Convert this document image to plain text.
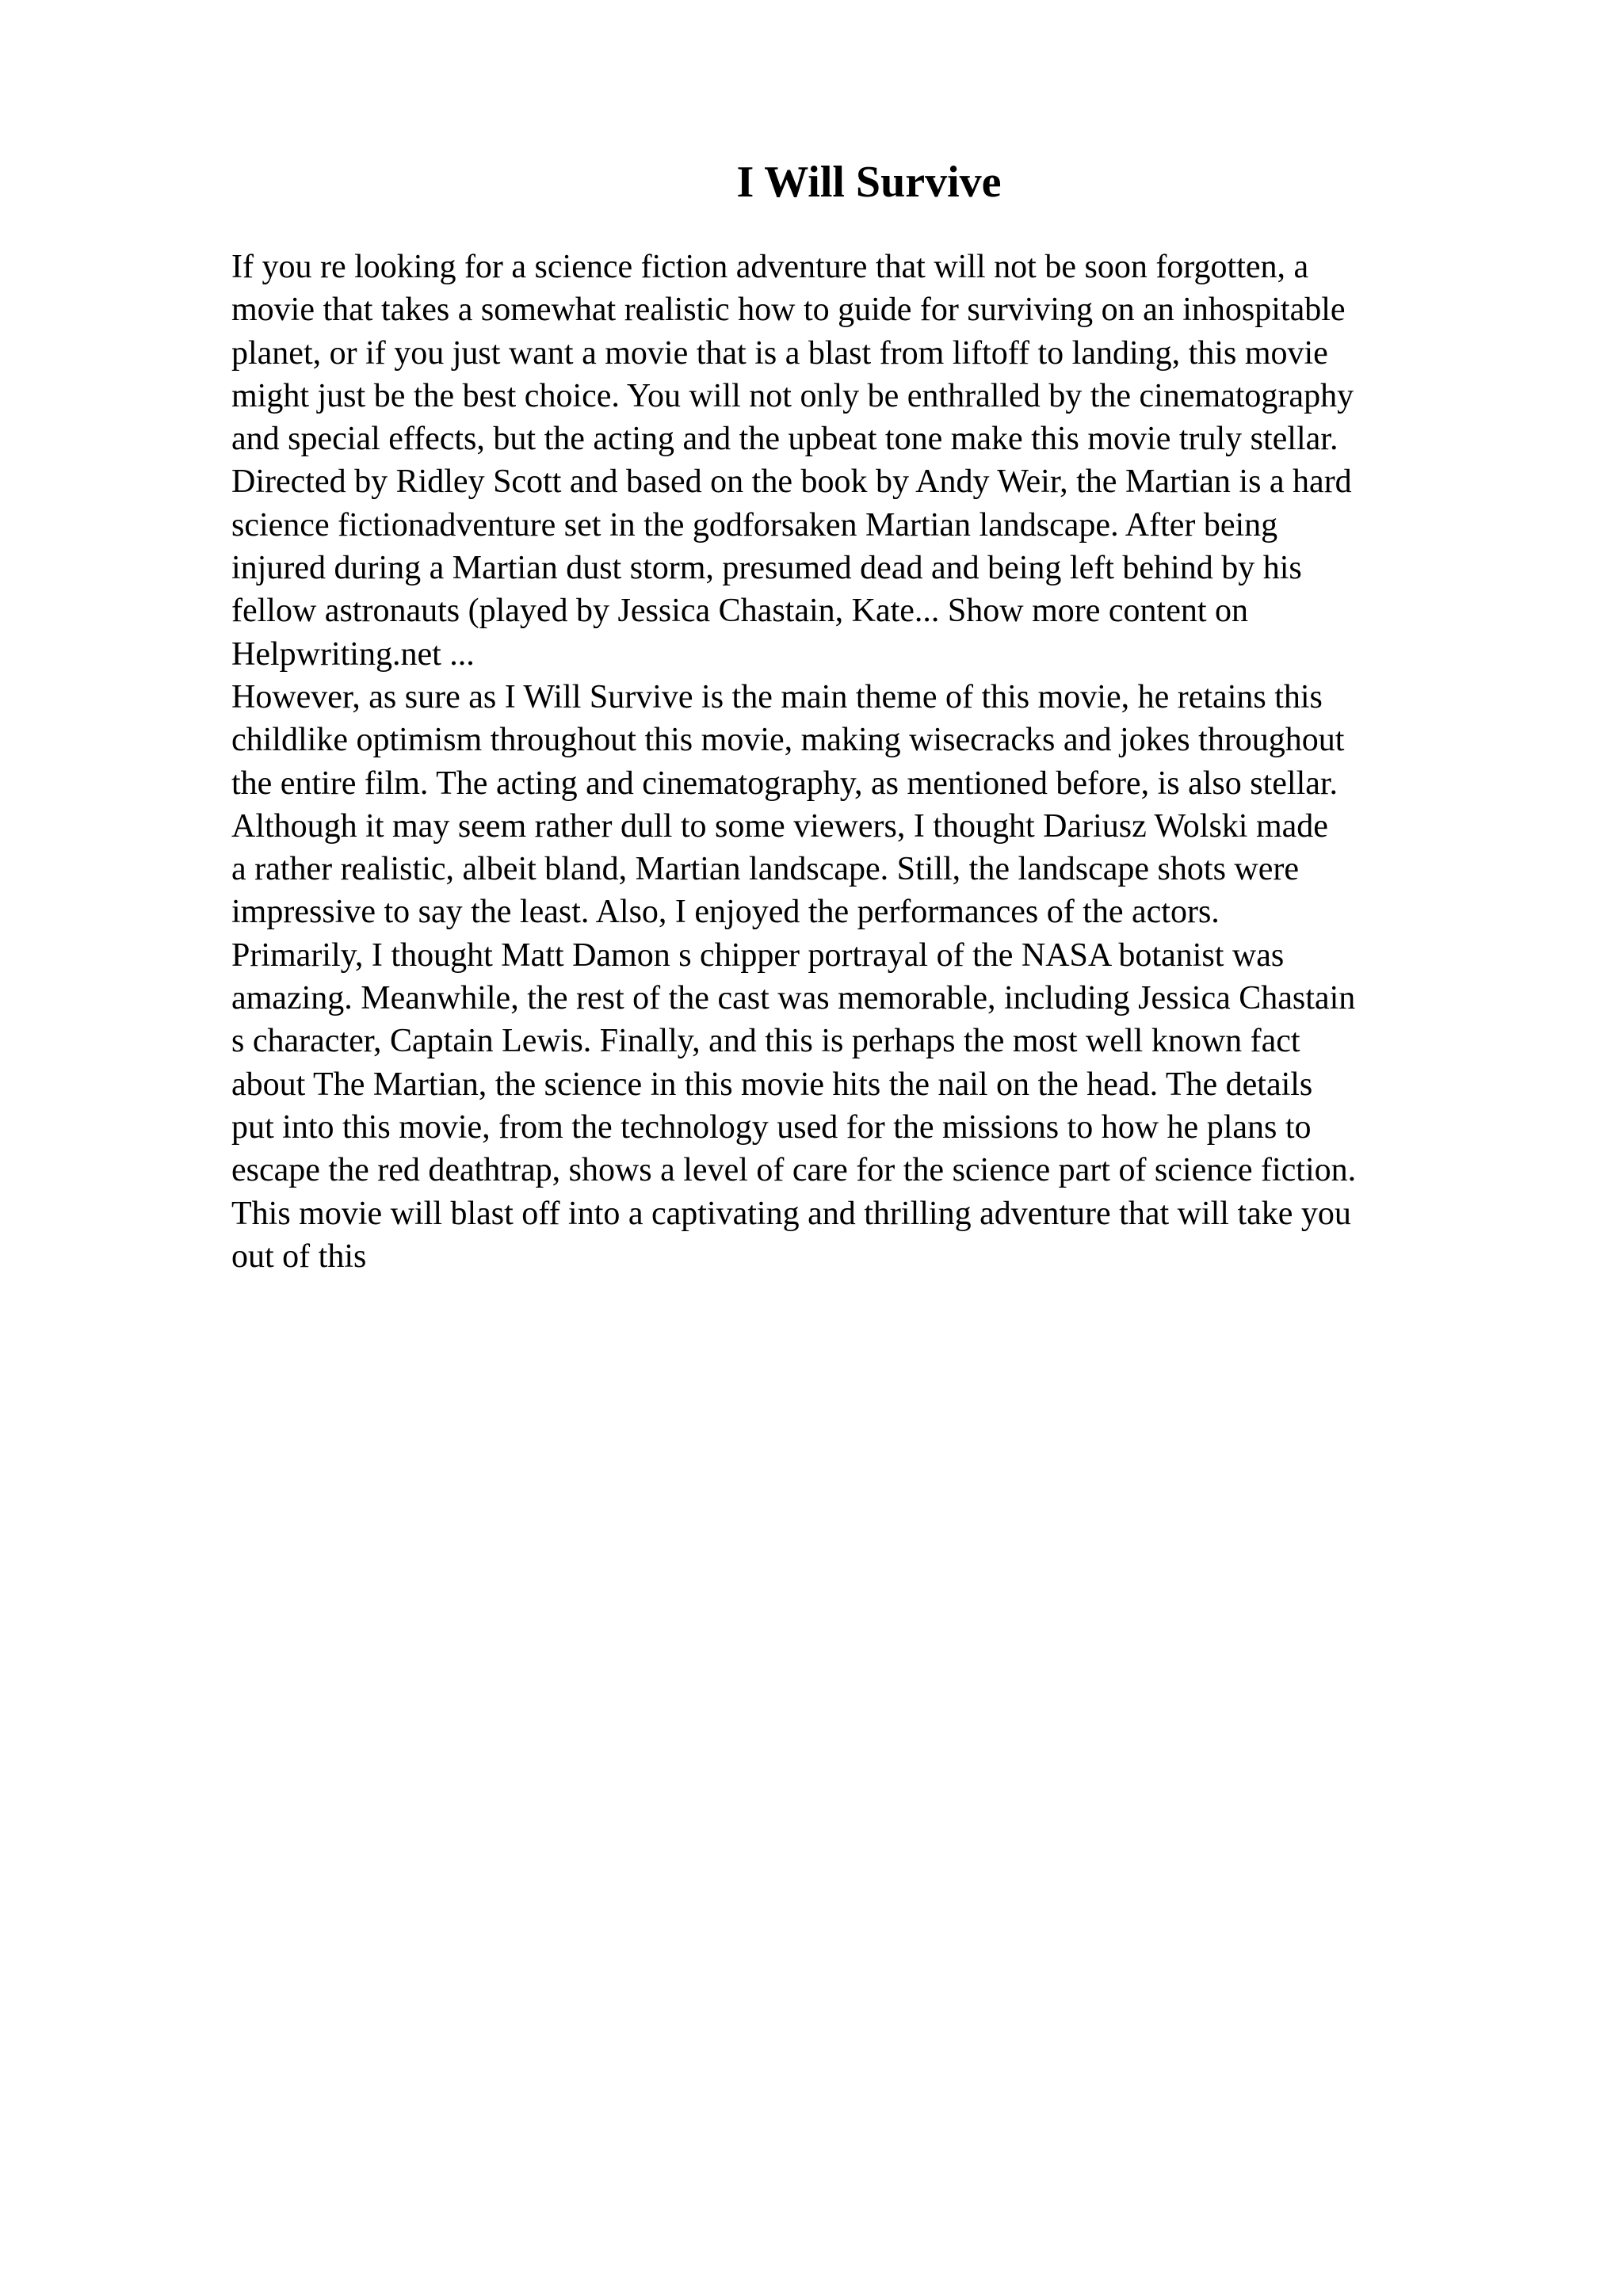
I Will Survive
If you re looking for a science fiction adventure that will not be soon forgotten, a
movie that takes a somewhat realistic how to guide for surviving on an inhospitable
planet, or if you just want a movie that is a blast from liftoff to landing, this movie
might just be the best choice. You will not only be enthralled by the cinematography
and special effects, but the acting and the upbeat tone make this movie truly stellar.
Directed by Ridley Scott and based on the book by Andy Weir, the Martian is a hard
science fictionadventure set in the godforsaken Martian landscape. After being
injured during a Martian dust storm, presumed dead and being left behind by his
fellow astronauts (played by Jessica Chastain, Kate... Show more content on
Helpwriting.net ...
However, as sure as I Will Survive is the main theme of this movie, he retains this
childlike optimism throughout this movie, making wisecracks and jokes throughout
the entire film. The acting and cinematography, as mentioned before, is also stellar.
Although it may seem rather dull to some viewers, I thought Dariusz Wolski made
a rather realistic, albeit bland, Martian landscape. Still, the landscape shots were
impressive to say the least. Also, I enjoyed the performances of the actors.
Primarily, I thought Matt Damon s chipper portrayal of the NASA botanist was
amazing. Meanwhile, the rest of the cast was memorable, including Jessica Chastain
s character, Captain Lewis. Finally, and this is perhaps the most well known fact
about The Martian, the science in this movie hits the nail on the head. The details
put into this movie, from the technology used for the missions to how he plans to
escape the red deathtrap, shows a level of care for the science part of science fiction.
This movie will blast off into a captivating and thrilling adventure that will take you
out of this
